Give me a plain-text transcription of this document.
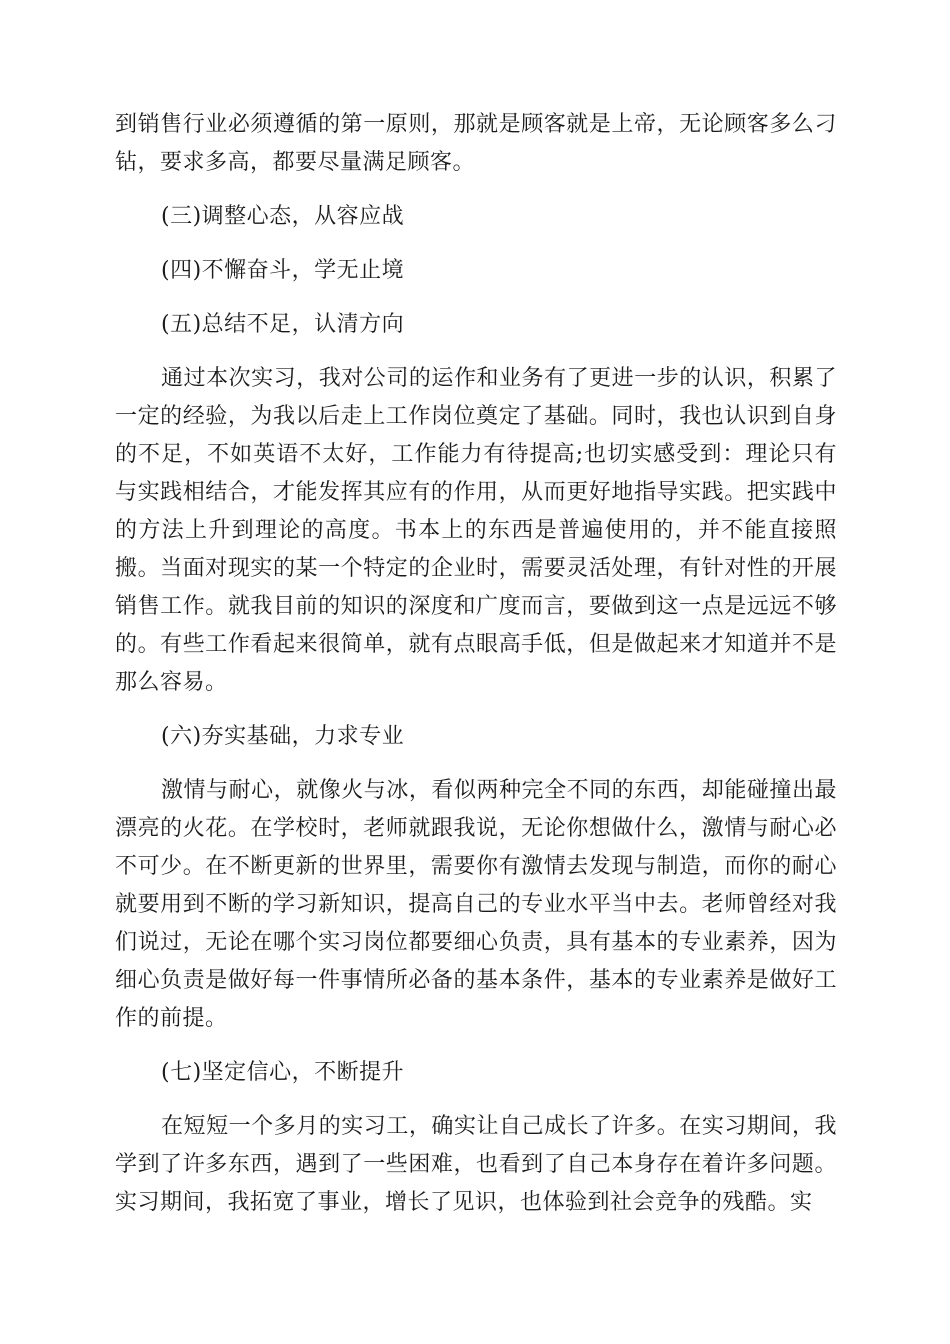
到销售行业必须遵循的第一原则，那就是顾客就是上帝，无论顾客多么刁钻，要求多高，都要尽量满足顾客。

(三)调整心态，从容应战

(四)不懈奋斗，学无止境

(五)总结不足，认清方向

通过本次实习，我对公司的运作和业务有了更进一步的认识，积累了一定的经验，为我以后走上工作岗位奠定了基础。同时，我也认识到自身的不足，不如英语不太好，工作能力有待提高;也切实感受到：理论只有与实践相结合，才能发挥其应有的作用，从而更好地指导实践。把实践中的方法上升到理论的高度。书本上的东西是普遍使用的，并不能直接照搬。当面对现实的某一个特定的企业时，需要灵活处理，有针对性的开展销售工作。就我目前的知识的深度和广度而言，要做到这一点是远远不够的。有些工作看起来很简单，就有点眼高手低，但是做起来才知道并不是那么容易。

(六)夯实基础，力求专业

激情与耐心，就像火与冰，看似两种完全不同的东西，却能碰撞出最漂亮的火花。在学校时，老师就跟我说，无论你想做什么，激情与耐心必不可少。在不断更新的世界里，需要你有激情去发现与制造，而你的耐心就要用到不断的学习新知识，提高自己的专业水平当中去。老师曾经对我们说过，无论在哪个实习岗位都要细心负责，具有基本的专业素养，因为细心负责是做好每一件事情所必备的基本条件，基本的专业素养是做好工作的前提。

(七)坚定信心，不断提升

在短短一个多月的实习工，确实让自己成长了许多。在实习期间，我学到了许多东西，遇到了一些困难，也看到了自己本身存在着许多问题。实习期间，我拓宽了事业，增长了见识，也体验到社会竞争的残酷。实
